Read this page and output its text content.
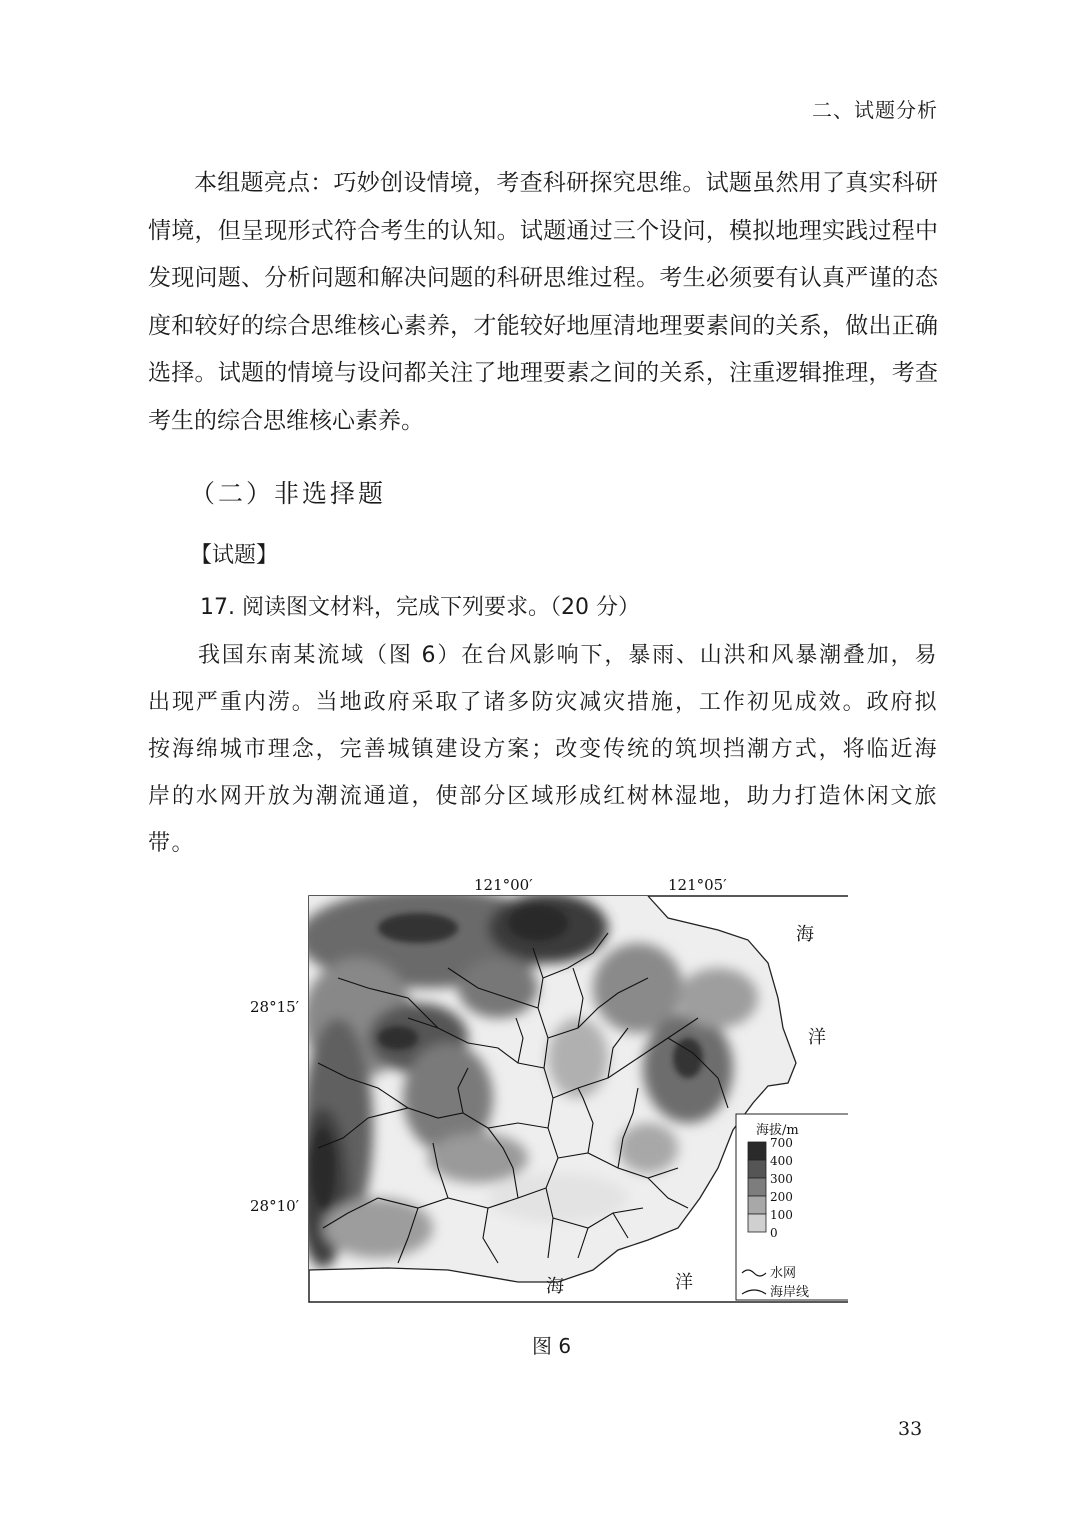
二、试题分析
本组题亮点：巧妙创设情境，考查科研探究思维。试题虽然用了真实科研情境，但呈现形式符合考生的认知。试题通过三个设问，模拟地理实践过程中发现问题、分析问题和解决问题的科研思维过程。考生必须要有认真严谨的态度和较好的综合思维核心素养，才能较好地厘清地理要素间的关系，做出正确选择。试题的情境与设问都关注了地理要素之间的关系，注重逻辑推理，考查考生的综合思维核心素养。
（二）非选择题
【试题】
17. 阅读图文材料，完成下列要求。（20 分）
我国东南某流域（图 6）在台风影响下，暴雨、山洪和风暴潮叠加，易出现严重内涝。当地政府采取了诸多防灾减灾措施，工作初见成效。政府拟按海绵城市理念，完善城镇建设方案；改变传统的筑坝挡潮方式，将临近海岸的水网开放为潮流通道，使部分区域形成红树林湿地，助力打造休闲文旅带。
121°00′	121°05′
28°15′
28°10′
海
洋
海	洋
海拔/m
700
400
300
200
100
0
水网
海岸线
图 6
33
